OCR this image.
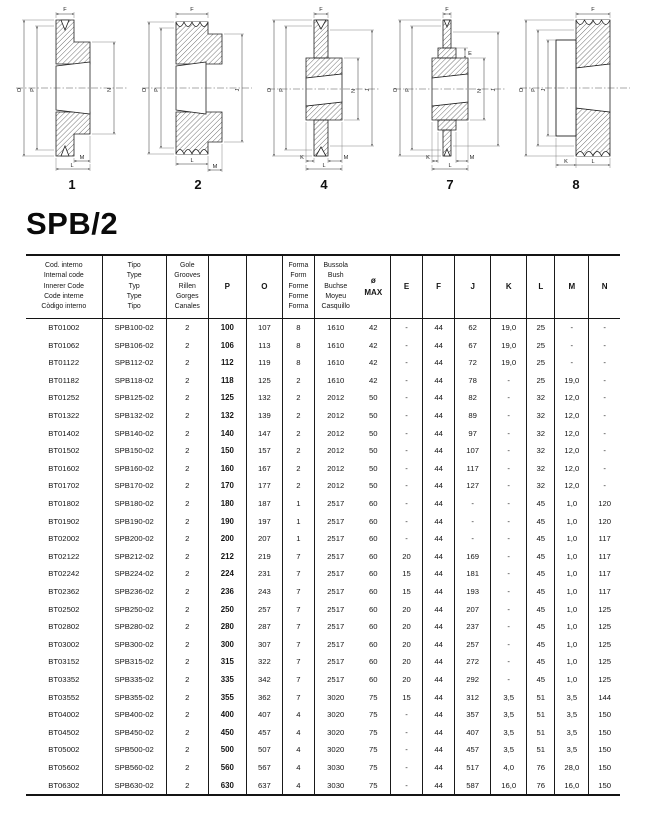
F
O P	N
M
L
1
F
O P	J
L
M
2
F
O P	J
N
K	M
L
4
F
E
O P	J
N
K	M
L
7
F
O P J
K	L
8
SPB/2
Cod. interno
Internal code
Innerer Code
Code interne
Còdigo interno	Tipo
Type
Typ
Type
Tipo	Gole
Grooves
Rillen
Gorges
Canales	P	O	Forma
Form
Forme
Forme
Forma	Bussola
Bush
Buchse
Moyeu
Casquillo	ø
MAX	E	F	J	K	L	M	N
BT01002	SPB100-02	2	100	107	8	1610	42	-	44	62	19,0	25	-	-
BT01062	SPB106-02	2	106	113	8	1610	42	-	44	67	19,0	25	-	-
BT01122	SPB112-02	2	112	119	8	1610	42	-	44	72	19,0	25	-	-
BT01182	SPB118-02	2	118	125	2	1610	42	-	44	78	-	25	19,0	-
BT01252	SPB125-02	2	125	132	2	2012	50	-	44	82	-	32	12,0	-
BT01322	SPB132-02	2	132	139	2	2012	50	-	44	89	-	32	12,0	-
BT01402	SPB140-02	2	140	147	2	2012	50	-	44	97	-	32	12,0	-
BT01502	SPB150-02	2	150	157	2	2012	50	-	44	107	-	32	12,0	-
BT01602	SPB160-02	2	160	167	2	2012	50	-	44	117	-	32	12,0	-
BT01702	SPB170-02	2	170	177	2	2012	50	-	44	127	-	32	12,0	-
BT01802	SPB180-02	2	180	187	1	2517	60	-	44	-	-	45	1,0	120
BT01902	SPB190-02	2	190	197	1	2517	60	-	44	-	-	45	1,0	120
BT02002	SPB200-02	2	200	207	1	2517	60	-	44	-	-	45	1,0	117
BT02122	SPB212-02	2	212	219	7	2517	60	20	44	169	-	45	1,0	117
BT02242	SPB224-02	2	224	231	7	2517	60	15	44	181	-	45	1,0	117
BT02362	SPB236-02	2	236	243	7	2517	60	15	44	193	-	45	1,0	117
BT02502	SPB250-02	2	250	257	7	2517	60	20	44	207	-	45	1,0	125
BT02802	SPB280-02	2	280	287	7	2517	60	20	44	237	-	45	1,0	125
BT03002	SPB300-02	2	300	307	7	2517	60	20	44	257	-	45	1,0	125
BT03152	SPB315-02	2	315	322	7	2517	60	20	44	272	-	45	1,0	125
BT03352	SPB335-02	2	335	342	7	2517	60	20	44	292	-	45	1,0	125
BT03552	SPB355-02	2	355	362	7	3020	75	15	44	312	3,5	51	3,5	144
BT04002	SPB400-02	2	400	407	4	3020	75	-	44	357	3,5	51	3,5	150
BT04502	SPB450-02	2	450	457	4	3020	75	-	44	407	3,5	51	3,5	150
BT05002	SPB500-02	2	500	507	4	3020	75	-	44	457	3,5	51	3,5	150
BT05602	SPB560-02	2	560	567	4	3030	75	-	44	517	4,0	76	28,0	150
BT06302	SPB630-02	2	630	637	4	3030	75	-	44	587	16,0	76	16,0	150
